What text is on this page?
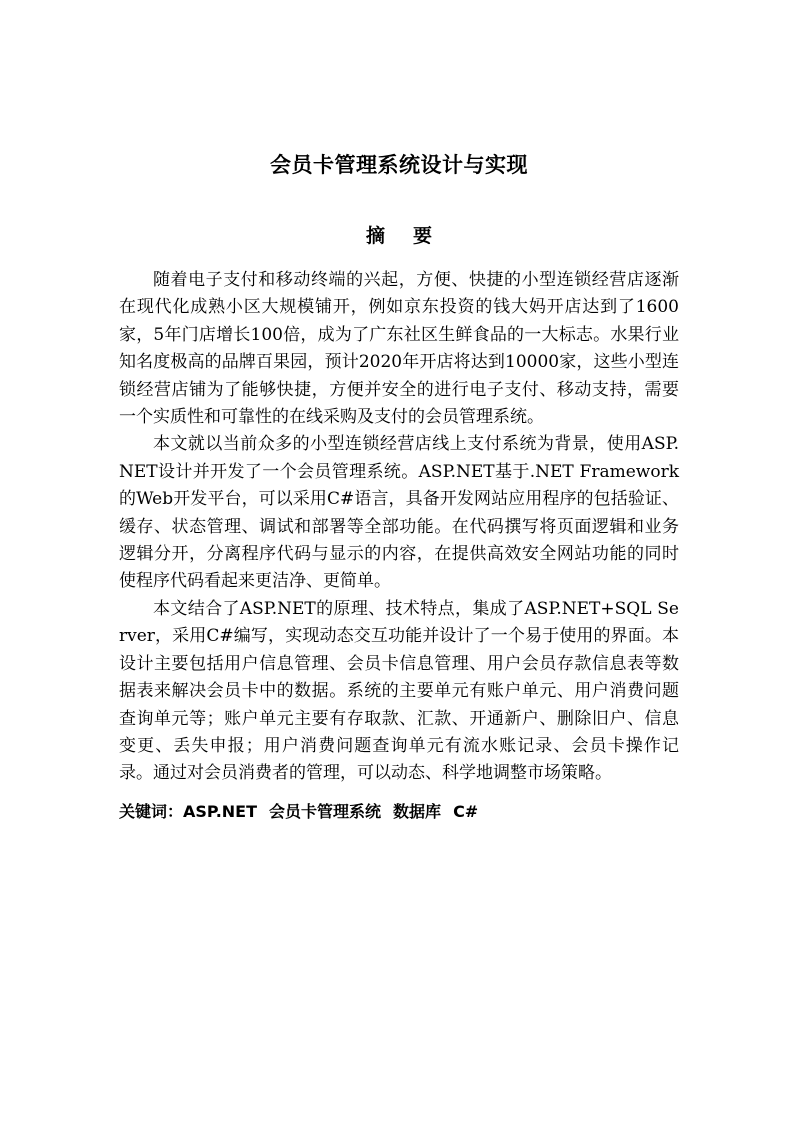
会员卡管理系统设计与实现
摘 要

随着电子支付和移动终端的兴起，方便、快捷的小型连锁经营店逐渐在现代化成熟小区大规模铺开，例如京东投资的钱大妈开店达到了1600家，5年门店增长100倍，成为了广东社区生鲜食品的一大标志。水果行业知名度极高的品牌百果园，预计2020年开店将达到10000家，这些小型连锁经营店铺为了能够快捷，方便并安全的进行电子支付、移动支持，需要一个实质性和可靠性的在线采购及支付的会员管理系统。

本文就以当前众多的小型连锁经营店线上支付系统为背景，使用ASP.NET设计并开发了一个会员管理系统。ASP.NET基于.NET Framework的Web开发平台，可以采用C#语言，具备开发网站应用程序的包括验证、缓存、状态管理、调试和部署等全部功能。在代码撰写将页面逻辑和业务逻辑分开，分离程序代码与显示的内容，在提供高效安全网站功能的同时使程序代码看起来更洁净、更简单。

本文结合了ASP.NET的原理、技术特点，集成了ASP.NET+SQL Server，采用C#编写，实现动态交互功能并设计了一个易于使用的界面。本设计主要包括用户信息管理、会员卡信息管理、用户会员存款信息表等数据表来解决会员卡中的数据。系统的主要单元有账户单元、用户消费问题查询单元等；账户单元主要有存取款、汇款、开通新户、删除旧户、信息变更、丢失申报；用户消费问题查询单元有流水账记录、会员卡操作记录。通过对会员消费者的管理，可以动态、科学地调整市场策略。

关键词：ASP.NET 会员卡管理系统 数据库 C#
